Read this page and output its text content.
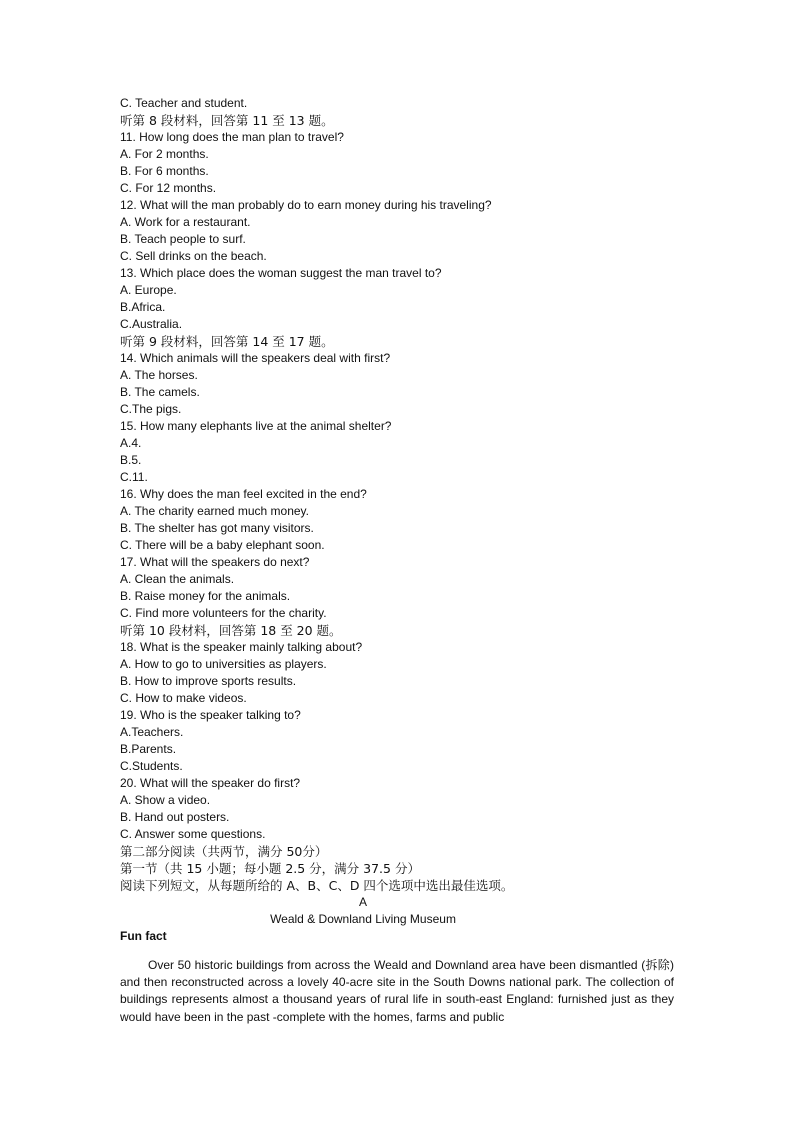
C. Teacher and student.
听第 8 段材料，回答第 11 至 13 题。
11. How long does the man plan to travel?
A. For 2 months.
B. For 6 months.
C. For 12 months.
12. What will the man probably do to earn money during his traveling?
A. Work for a restaurant.
B. Teach people to surf.
C. Sell drinks on the beach.
13. Which place does the woman suggest the man travel to?
A. Europe.
B.Africa.
C.Australia.
听第 9 段材料，回答第 14 至 17 题。
14. Which animals will the speakers deal with first?
A. The horses.
B. The camels.
C.The pigs.
15. How many elephants live at the animal shelter?
A.4.
B.5.
C.11.
16. Why does the man feel excited in the end?
A. The charity earned much money.
B. The shelter has got many visitors.
C. There will be a baby elephant soon.
17. What will the speakers do next?
A. Clean the animals.
B. Raise money for the animals.
C. Find more volunteers for the charity.
听第 10 段材料，回答第 18 至 20 题。
18. What is the speaker mainly talking about?
A. How to go to universities as players.
B. How to improve sports results.
C. How to make videos.
19. Who is the speaker talking to?
A.Teachers.
B.Parents.
C.Students.
20. What will the speaker do first?
A. Show a video.
B. Hand out posters.
C. Answer some questions.
第二部分阅读（共两节，满分 50分）
第一节（共 15 小题；每小题 2.5 分，满分 37.5 分）
阅读下列短文，从每题所给的 A、B、C、D 四个选项中选出最佳选项。
A
Weald & Downland Living Museum
Fun fact

Over 50 historic buildings from across the Weald and Downland area have been dismantled (拆除) and then reconstructed across a lovely 40-acre site in the South Downs national park. The collection of buildings represents almost a thousand years of rural life in south-east England: furnished just as they would have been in the past -complete with the homes, farms and public
